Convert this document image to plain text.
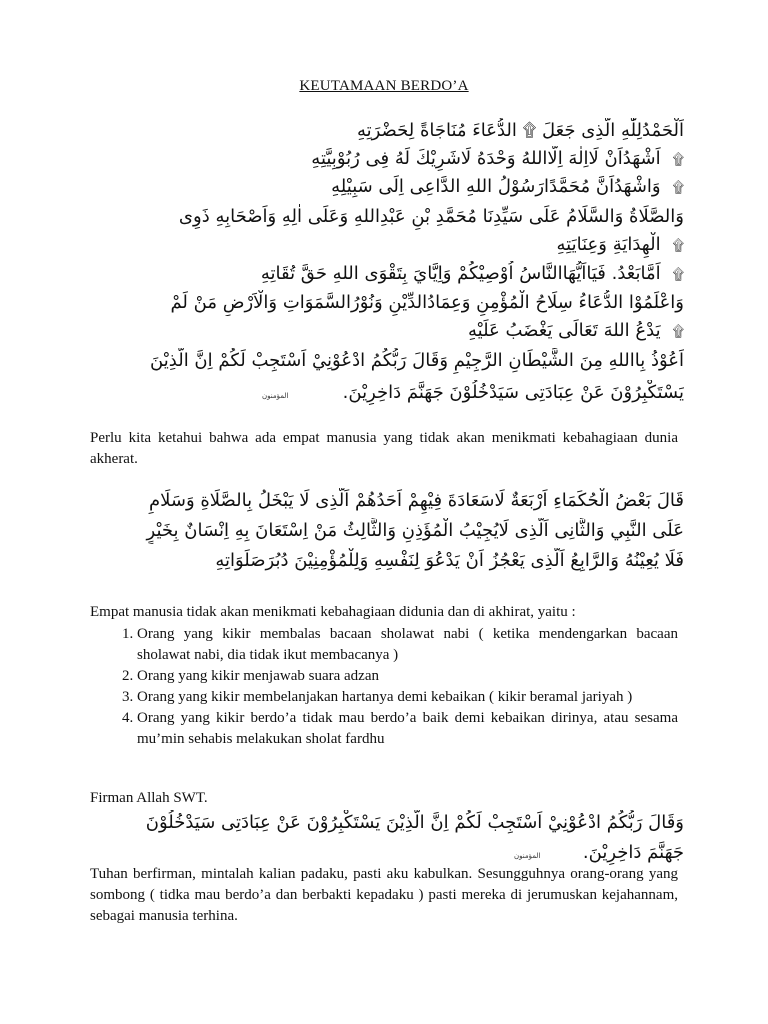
KEUTAMAAN BERDO’A
اَلْحَمْدُلِلّٰهِ الَّذِى جَعَلَ ۩ الدُّعَاءَ مُنَاجَاةً لِحَضْرَتِهِ
۩اَشْهَدُاَنْ لَااِلٰهَ اِلَّااللهُ وَحْدَهُ لَاشَرِيْكَ لَهُ فِى رُبُوْبِيَّتِهِ
۩وَاشْهَدُاَنَّ مُحَمَّدًارَسُوْلُ اللهِ الدَّاعِى اِلَى سَبِيْلِهِ
وَالصَّلَاةُ وَالسَّلَامُ عَلَى سَيِّدِنَا مُحَمَّدِ بْنِ عَبْدِاللهِ وَعَلَى اٰلِهِ وَاَصْحَابِهِ ذَوِى
۩الْهِدَايَةِ وَعِنَايَتِهِ
۩اَمَّابَعْدُ. فَيَااَيُّهَاالنَّاسُ اُوْصِيْكُمْ وَاِيَّايَ بِتَقْوَى اللهِ حَقَّ تُقَاتِهِ
وَاعْلَمُوْا الدُّعَاءُ سِلَاحُ الْمُؤْمِنِ وَعِمَادُالدِّيْنِ وَنُوْرُالسَّمَوَاتِ وَالْاَرْضِ مَنْ لَمْ
۩يَدْعُ اللهَ تَعَالَى يَغْضَبُ عَلَيْهِ
اَعُوْذُ بِااللهِ مِنَ الشَّيْطَانِ الرَّجِيْمِ وَقَالَ رَبُّكُمُ ادْعُوْنِيْ اَسْتَجِبْ لَكُمْ اِنَّ الَّذِيْنَ
يَسْتَكْبِرُوْنَ عَنْ عِبَادَتِى سَيَدْخُلُوْنَ جَهَنَّمَ دَاخِرِيْنَ.
المؤمنون
Perlu kita ketahui bahwa ada empat manusia yang tidak akan menikmati kebahagiaan dunia akherat.
قَالَ بَعْضُ الْحُكَمَاءِ اَرْبَعَةٌ لَاسَعَادَةَ فِيْهِمْ اَحَدُهُمْ اَلَّذِى لَا يَبْخَلُ بِالصَّلَاةِ وَسَلَامِ
عَلَى النَّبِي وَالثَّانِى اَلَّذِى لَايُجِيْبُ الْمُؤَذِنِ وَالثَّالِثُ مَنْ اِسْتَعَانَ بِهِ اِنْسَانٌ بِخَيْرٍ
فَلَا يُعِيْنُهُ وَالرَّابِعُ اَلَّذِى يَعْجُزُ اَنْ يَدْعُوَ لِنَفْسِهِ وَلِلْمُؤْمِنِيْنَ دُبُرَصَلَوَاتِهِ
Empat manusia tidak akan menikmati kebahagiaan didunia dan di akhirat, yaitu :
1. Orang yang kikir membalas bacaan sholawat nabi ( ketika mendengarkan bacaan sholawat nabi, dia tidak ikut membacanya )
2. Orang yang kikir menjawab suara adzan
3. Orang yang kikir membelanjakan hartanya demi kebaikan ( kikir beramal jariyah )
4. Orang yang kikir berdo’a tidak mau berdo’a baik demi kebaikan dirinya, atau sesama mu’min sehabis melakukan sholat fardhu
Firman Allah SWT.
وَقَالَ رَبُّكُمُ ادْعُوْنِيْ اَسْتَجِبْ لَكُمْ اِنَّ الَّذِيْنَ يَسْتَكْبِرُوْنَ عَنْ عِبَادَتِى سَيَدْخُلُوْنَ
جَهَنَّمَ دَاخِرِيْنَ.
المؤمنون
Tuhan berfirman, mintalah kalian padaku, pasti aku kabulkan. Sesungguhnya orang-orang yang sombong ( tidka mau berdo’a dan berbakti kepadaku ) pasti mereka di jerumuskan kejahannam, sebagai manusia terhina.
